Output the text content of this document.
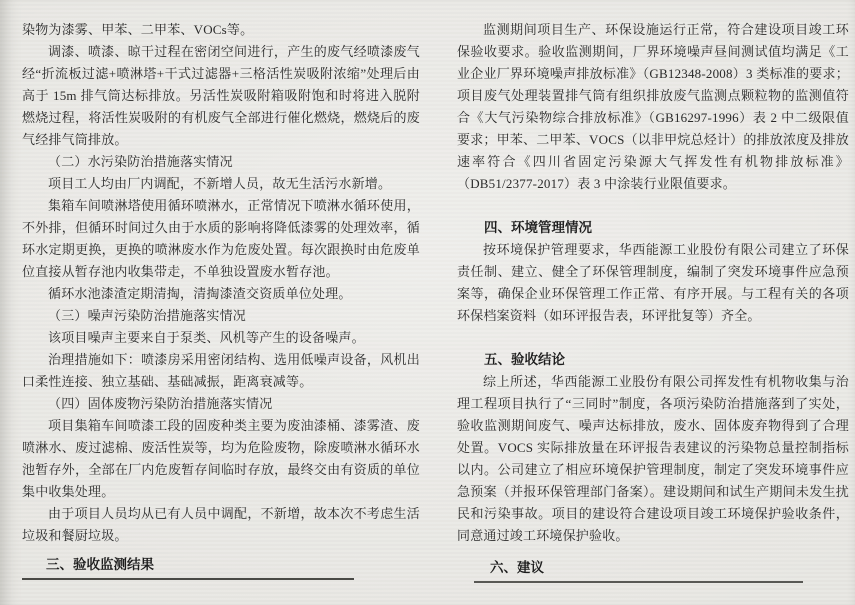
染物为漆雾、甲苯、二甲苯、VOCs等。

调漆、喷漆、晾干过程在密闭空间进行，产生的废气经喷漆废气经“折流板过滤+喷淋塔+干式过滤器+三格活性炭吸附浓缩”处理后由高于 15m 排气筒达标排放。另活性炭吸附箱吸附饱和时将进入脱附燃烧过程，将活性炭吸附的有机废气全部进行催化燃烧，燃烧后的废气经排气筒排放。

（二）水污染防治措施落实情况

项目工人均由厂内调配，不新增人员，故无生活污水新增。

集箱车间喷淋塔使用循环喷淋水，正常情况下喷淋水循环使用，不外排，但循环时间过久由于水质的影响将降低漆雾的处理效率，循环水定期更换，更换的喷淋废水作为危废处置。每次跟换时由危废单位直接从暂存池内收集带走，不单独设置废水暂存池。

循环水池漆渣定期清掏，清掏漆渣交资质单位处理。

（三）噪声污染防治措施落实情况

该项目噪声主要来自于泵类、风机等产生的设备噪声。

治理措施如下：喷漆房采用密闭结构、选用低噪声设备，风机出口柔性连接、独立基础、基础减振，距离衰减等。

（四）固体废物污染防治措施落实情况

项目集箱车间喷漆工段的固废种类主要为废油漆桶、漆雾渣、废喷淋水、废过滤棉、废活性炭等，均为危险废物，除废喷淋水循环水池暂存外，全部在厂内危废暂存间临时存放，最终交由有资质的单位集中收集处理。

由于项目人员均从已有人员中调配，不新增，故本次不考虑生活垃圾和餐厨垃圾。

三、验收监测结果

监测期间项目生产、环保设施运行正常，符合建设项目竣工环保验收要求。验收监测期间，厂界环境噪声昼间测试值均满足《工业企业厂界环境噪声排放标准》（GB12348-2008）3 类标准的要求；项目废气处理装置排气筒有组织排放废气监测点颗粒物的监测值符合《大气污染物综合排放标准》（GB16297-1996）表 2 中二级限值要求；甲苯、二甲苯、VOCS（以非甲烷总烃计）的排放浓度及排放速率符合《四川省固定污染源大气挥发性有机物排放标准》（DB51/2377-2017）表 3 中涂装行业限值要求。

四、环境管理情况

按环境保护管理要求，华西能源工业股份有限公司建立了环保责任制、建立、健全了环保管理制度，编制了突发环境事件应急预案等，确保企业环保管理工作正常、有序开展。与工程有关的各项环保档案资料（如环评报告表，环评批复等）齐全。

五、验收结论

综上所述，华西能源工业股份有限公司挥发性有机物收集与治理工程项目执行了“三同时”制度，各项污染防治措施落到了实处，验收监测期间废气、噪声达标排放，废水、固体废弃物得到了合理处置。VOCS 实际排放量在环评报告表建议的污染物总量控制指标以内。公司建立了相应环境保护管理制度，制定了突发环境事件应急预案（并报环保管理部门备案）。建设期间和试生产期间未发生扰民和污染事故。项目的建设符合建设项目竣工环境保护验收条件，同意通过竣工环境保护验收。

六、建议
